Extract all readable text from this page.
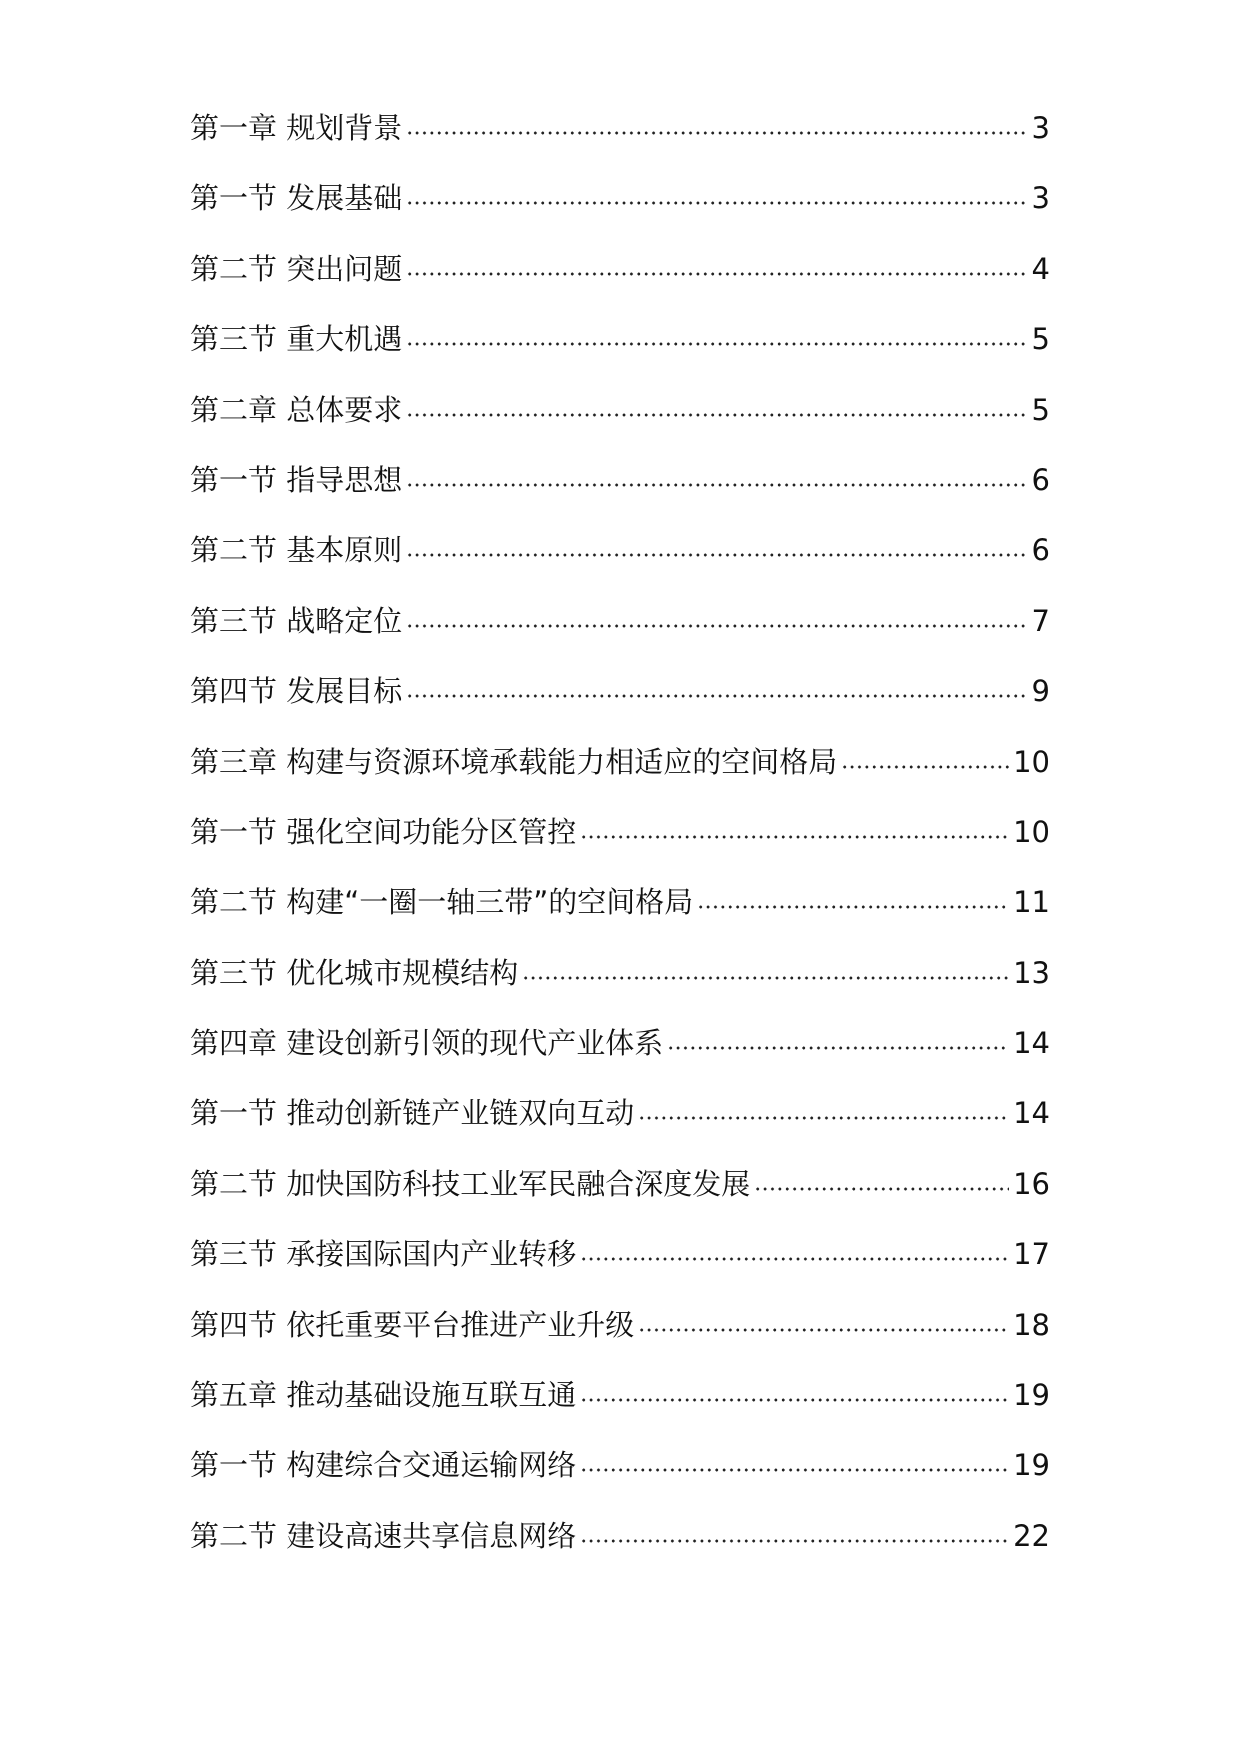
第一章 规划背景	3
第一节 发展基础	3
第二节 突出问题	4
第三节 重大机遇	5
第二章 总体要求	5
第一节 指导思想	6
第二节 基本原则	6
第三节 战略定位	7
第四节 发展目标	9
第三章 构建与资源环境承载能力相适应的空间格局	10
第一节 强化空间功能分区管控	10
第二节 构建“一圈一轴三带”的空间格局	11
第三节 优化城市规模结构	13
第四章 建设创新引领的现代产业体系	14
第一节 推动创新链产业链双向互动	14
第二节 加快国防科技工业军民融合深度发展	16
第三节 承接国际国内产业转移	17
第四节 依托重要平台推进产业升级	18
第五章 推动基础设施互联互通	19
第一节 构建综合交通运输网络	19
第二节 建设高速共享信息网络	22
